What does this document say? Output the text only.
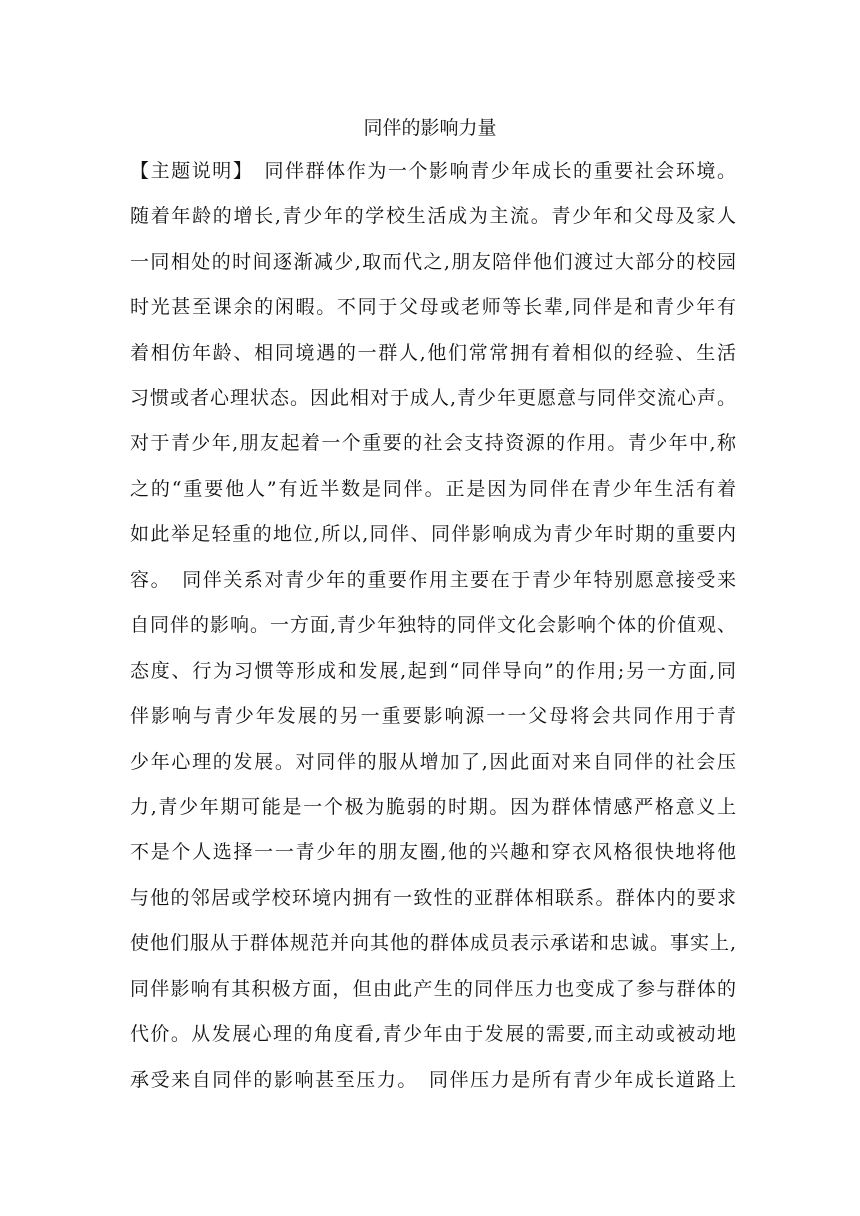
同伴的影响力量
【主题说明】　同伴群体作为一个影响青少年成长的重要社会环境。
随着年龄的增长,青少年的学校生活成为主流。青少年和父母及家人
一同相处的时间逐渐减少,取而代之,朋友陪伴他们渡过大部分的校园
时光甚至课余的闲暇。不同于父母或老师等长辈,同伴是和青少年有
着相仿年龄、相同境遇的一群人,他们常常拥有着相似的经验、生活
习惯或者心理状态。因此相对于成人,青少年更愿意与同伴交流心声。
对于青少年,朋友起着一个重要的社会支持资源的作用。青少年中,称
之的“重要他人”有近半数是同伴。正是因为同伴在青少年生活有着
如此举足轻重的地位,所以,同伴、同伴影响成为青少年时期的重要内
容。　同伴关系对青少年的重要作用主要在于青少年特别愿意接受来
自同伴的影响。一方面,青少年独特的同伴文化会影响个体的价值观、
态度、行为习惯等形成和发展,起到“同伴导向”的作用;另一方面,同
伴影响与青少年发展的另一重要影响源一一父母将会共同作用于青
少年心理的发展。对同伴的服从增加了,因此面对来自同伴的社会压
力,青少年期可能是一个极为脆弱的时期。因为群体情感严格意义上
不是个人选择一一青少年的朋友圈,他的兴趣和穿衣风格很快地将他
与他的邻居或学校环境内拥有一致性的亚群体相联系。群体内的要求
使他们服从于群体规范并向其他的群体成员表示承诺和忠诚。事实上,
同伴影响有其积极方面，但由此产生的同伴压力也变成了参与群体的
代价。从发展心理的角度看,青少年由于发展的需要,而主动或被动地
承受来自同伴的影响甚至压力。　同伴压力是所有青少年成长道路上
